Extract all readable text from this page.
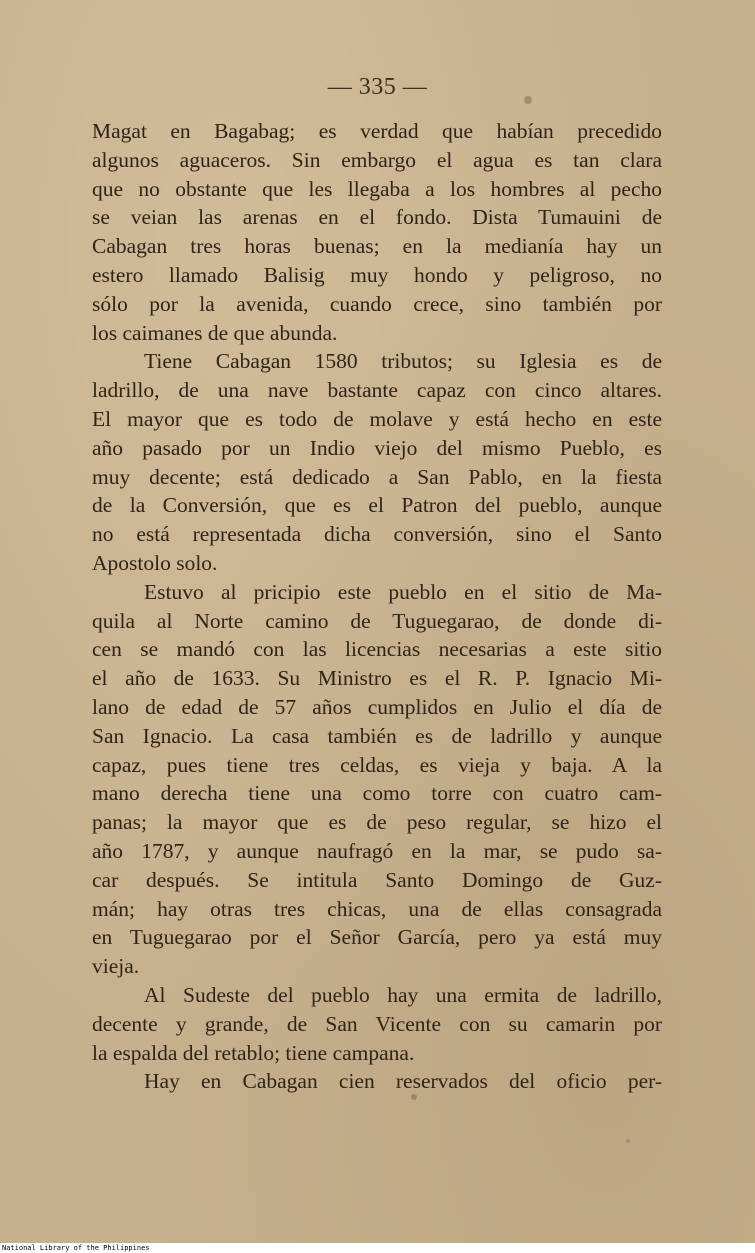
— 335 —
Magat en Bagabag; es verdad que habían precedido
algunos aguaceros. Sin embargo el agua es tan clara
que no obstante que les llegaba a los hombres al pecho
se veian las arenas en el fondo. Dista Tumauini de
Cabagan tres horas buenas; en la medianía hay un
estero llamado Balisig muy hondo y peligroso, no
sólo por la avenida, cuando crece, sino también por
los caimanes de que abunda.
Tiene Cabagan 1580 tributos; su Iglesia es de
ladrillo, de una nave bastante capaz con cinco altares.
El mayor que es todo de molave y está hecho en este
año pasado por un Indio viejo del mismo Pueblo, es
muy decente; está dedicado a San Pablo, en la fiesta
de la Conversión, que es el Patron del pueblo, aunque
no está representada dicha conversión, sino el Santo
Apostolo solo.
Estuvo al pricipio este pueblo en el sitio de Ma-
quila al Norte camino de Tuguegarao, de donde di-
cen se mandó con las licencias necesarias a este sitio
el año de 1633. Su Ministro es el R. P. Ignacio Mi-
lano de edad de 57 años cumplidos en Julio el día de
San Ignacio. La casa también es de ladrillo y aunque
capaz, pues tiene tres celdas, es vieja y baja. A la
mano derecha tiene una como torre con cuatro cam-
panas; la mayor que es de peso regular, se hizo el
año 1787, y aunque naufragó en la mar, se pudo sa-
car después. Se intitula Santo Domingo de Guz-
mán; hay otras tres chicas, una de ellas consagrada
en Tuguegarao por el Señor García, pero ya está muy
vieja.
Al Sudeste del pueblo hay una ermita de ladrillo,
decente y grande, de San Vicente con su camarin por
la espalda del retablo; tiene campana.
Hay en Cabagan cien reservados del oficio per-
National Library of the Philippines
